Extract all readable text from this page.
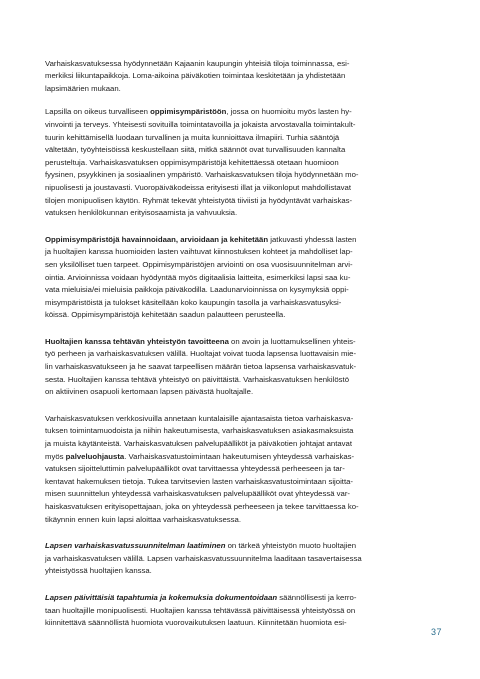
Varhaiskasvatuksessa hyödynnetään Kajaanin kaupungin yhteisiä tiloja toiminnassa, esi-
merkiksi liikuntapaikkoja. Loma-aikoina päiväkotien toimintaa keskitetään ja yhdistetään
lapsimäärien mukaan.

Lapsilla on oikeus turvalliseen oppimisympäristöön, jossa on huomioitu myös lasten hy-
vinvointi ja terveys. Yhteisesti sovituilla toimintatavoilla ja jokaista arvostavalla toimintakult-
tuurin kehittämisellä luodaan turvallinen ja muita kunnioittava ilmapiiri. Turhia sääntöjä
vältetään, työyhteisöissä keskustellaan siitä, mitkä säännöt ovat turvallisuuden kannalta
perusteltuja. Varhaiskasvatuksen oppimisympäristöjä kehitettäessä otetaan huomioon
fyysinen, psyykkinen ja sosiaalinen ympäristö. Varhaiskasvatuksen tiloja hyödynnetään mo-
nipuolisesti ja joustavasti. Vuoropäiväkodeissa erityisesti illat ja viikonloput mahdollistavat
tilojen monipuolisen käytön. Ryhmät tekevät yhteistyötä tiiviisti ja hyödyntävät varhaiskas-
vatuksen henkilökunnan erityisosaamista ja vahvuuksia.

Oppimisympäristöjä havainnoidaan, arvioidaan ja kehitetään jatkuvasti yhdessä lasten
ja huoltajien kanssa huomioiden lasten vaihtuvat kiinnostuksen kohteet ja mahdolliset lap-
sen yksilölliset tuen tarpeet. Oppimisympäristöjen arviointi on osa vuosisuunnitelman arvi-
ointia. Arvioinnissa voidaan hyödyntää myös digitaalisia laitteita, esimerkiksi lapsi saa ku-
vata mieluisia/ei mieluisia paikkoja päiväkodilla. Laadunarvioinnissa on kysymyksiä oppi-
misympäristöistä ja tulokset käsitellään koko kaupungin tasolla ja varhaiskasvatusyksi-
köissä. Oppimisympäristöjä kehitetään saadun palautteen perusteella.

Huoltajien kanssa tehtävän yhteistyön tavoitteena on avoin ja luottamuksellinen yhteis-
työ perheen ja varhaiskasvatuksen välillä. Huoltajat voivat tuoda lapsensa luottavaisin mie-
lin varhaiskasvatukseen ja he saavat tarpeellisen määrän tietoa lapsensa varhaiskasvatuk-
sesta. Huoltajien kanssa tehtävä yhteistyö on päivittäistä. Varhaiskasvatuksen henkilöstö
on aktiivinen osapuoli kertomaan lapsen päivästä huoltajalle.

Varhaiskasvatuksen verkkosivuilla annetaan kuntalaisille ajantasaista tietoa varhaiskasva-
tuksen toimintamuodoista ja niihin hakeutumisesta, varhaiskasvatuksen asiakasmaksuista
ja muista käytänteistä. Varhaiskasvatuksen palvelupäälliköt ja päiväkotien johtajat antavat
myös palveluohjausta. Varhaiskasvatustoimintaan hakeutumisen yhteydessä varhaiskas-
vatuksen sijoitteluttimin palvelupäälliköt ovat tarvittaessa yhteydessä perheeseen ja tar-
kentavat hakemuksen tietoja. Tukea tarvitsevien lasten varhaiskasvatustoimintaan sijoitta-
misen suunnittelun yhteydessä varhaiskasvatuksen palvelupäälliköt ovat yhteydessä var-
haiskasvatuksen erityisopettajaan, joka on yhteydessä perheeseen ja tekee tarvittaessa ko-
tikäynnin ennen kuin lapsi aloittaa varhaiskasvatuksessa.

Lapsen varhaiskasvatussuunnitelman laatiminen on tärkeä yhteistyön muoto huoltajien
ja varhaiskasvatuksen välillä. Lapsen varhaiskasvatussuunnitelma laaditaan tasavertaisessa
yhteistyössä huoltajien kanssa.

Lapsen päivittäisiä tapahtumia ja kokemuksia dokumentoidaan säännöllisesti ja kerro-
taan huoltajille monipuolisesti. Huoltajien kanssa tehtävässä päivittäisessä yhteistyössä on
kiinnitettävä säännöllistä huomiota vuorovaikutuksen laatuun. Kiinnitetään huomiota esi-

37
